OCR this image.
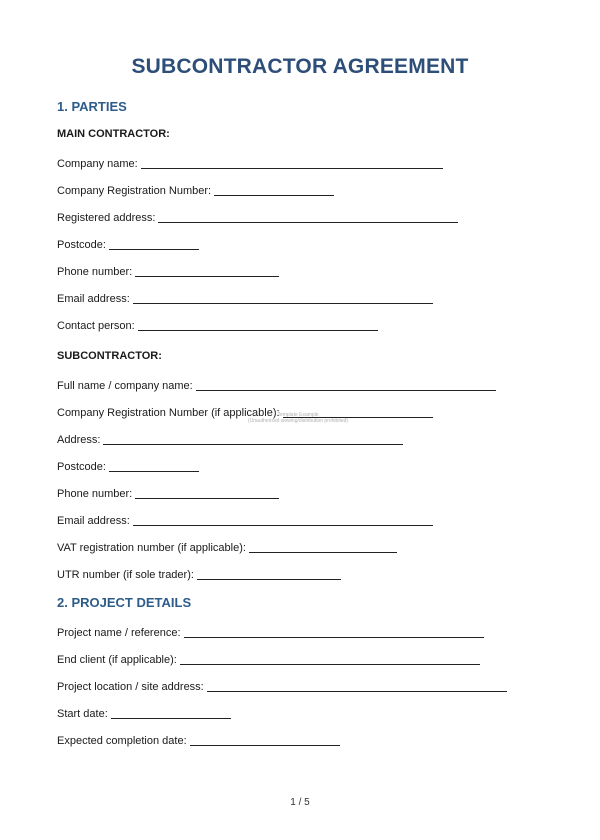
SUBCONTRACTOR AGREEMENT
1. PARTIES
MAIN CONTRACTOR:
Company name:
Company Registration Number:
Registered address:
Postcode:
Phone number:
Email address:
Contact person:
SUBCONTRACTOR:
Full name / company name:
Company Registration Number (if applicable):
Template Example
(Unauthorized viewing/distribution prohibited)
Address:
Postcode:
Phone number:
Email address:
VAT registration number (if applicable):
UTR number (if sole trader):
2. PROJECT DETAILS
Project name / reference:
End client (if applicable):
Project location / site address:
Start date:
Expected completion date:
1 / 5
